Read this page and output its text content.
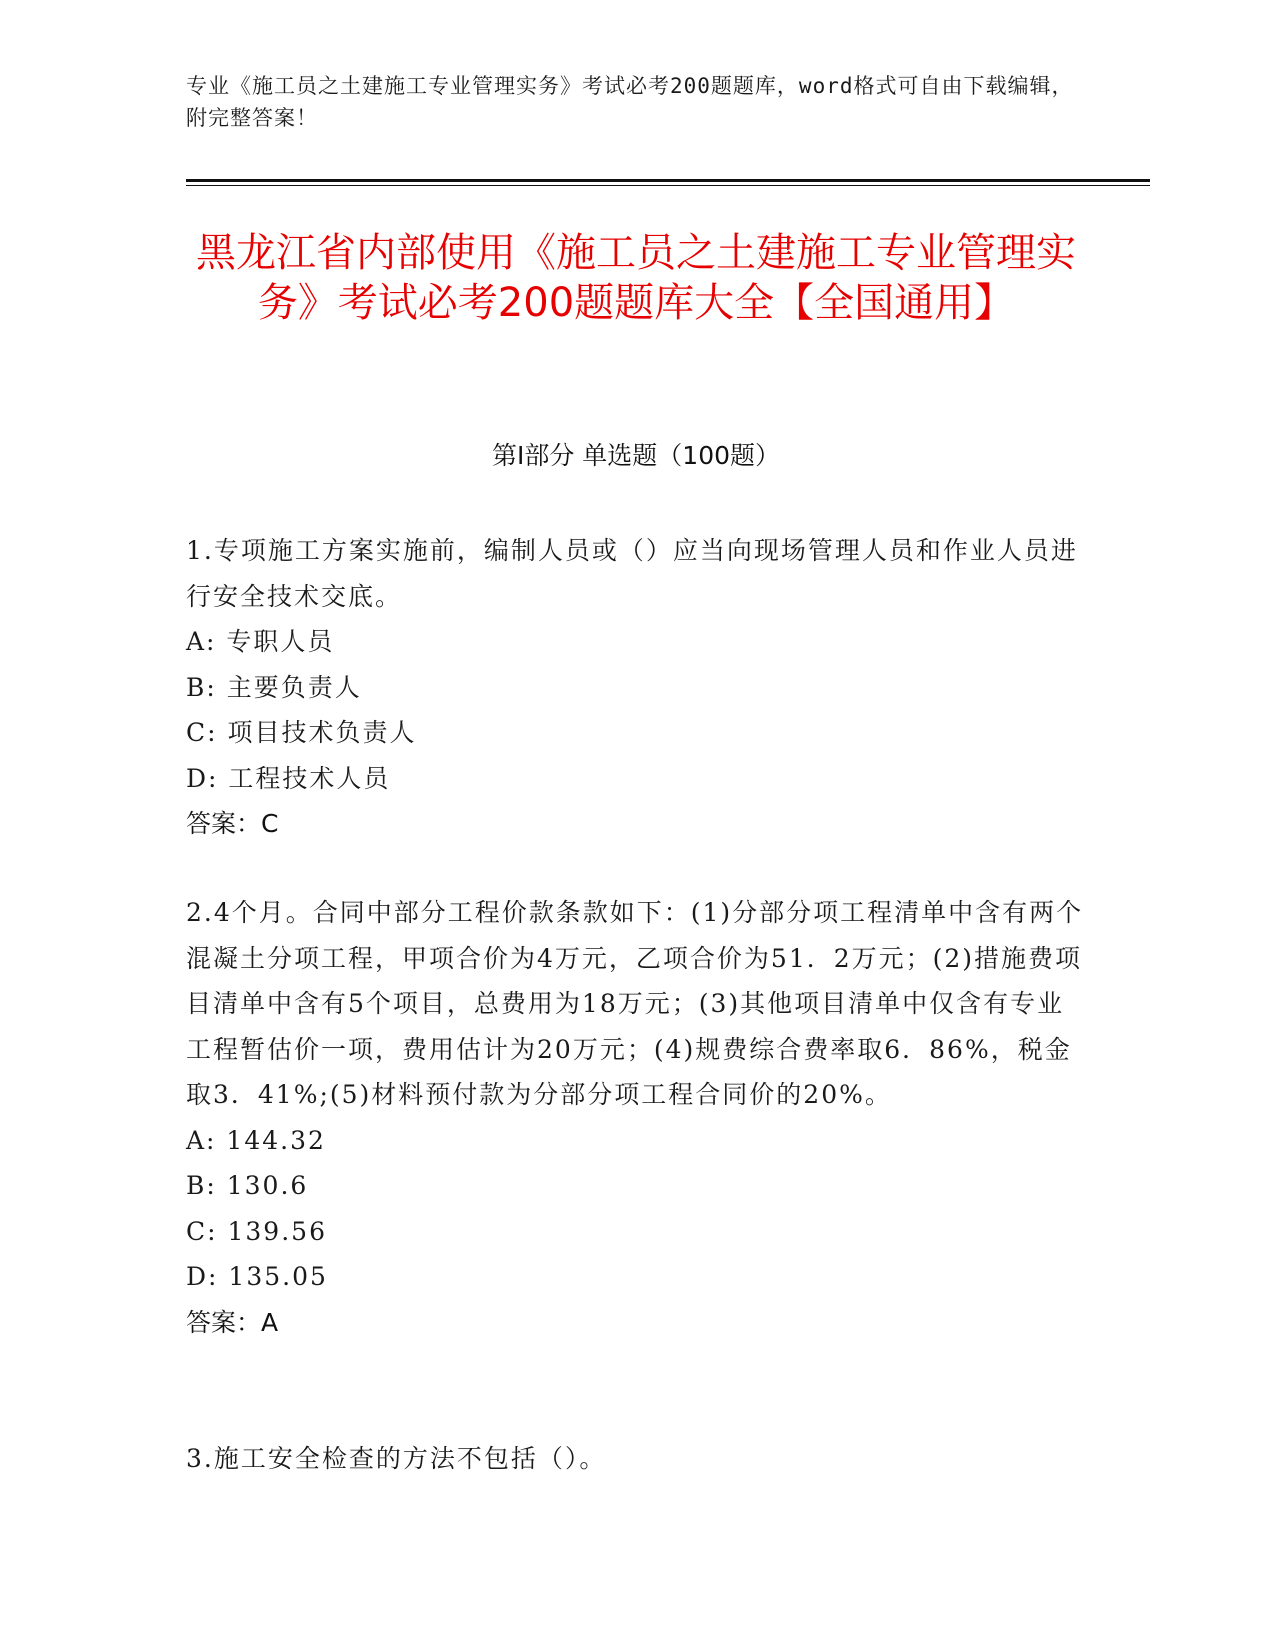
专业《施工员之土建施工专业管理实务》考试必考200题题库，word格式可自由下载编辑，附完整答案！
黑龙江省内部使用《施工员之土建施工专业管理实务》考试必考200题题库大全【全国通用】
第Ⅰ部分 单选题（100题）

1.专项施工方案实施前，编制人员或（）应当向现场管理人员和作业人员进行安全技术交底。

A: 专职人员

B: 主要负责人

C: 项目技术负责人

D: 工程技术人员

答案：C

2.4个月。合同中部分工程价款条款如下：(1)分部分项工程清单中含有两个混凝土分项工程，甲项合价为4万元，乙项合价为51．2万元；(2)措施费项目清单中含有5个项目，总费用为18万元；(3)其他项目清单中仅含有专业工程暂估价一项，费用估计为20万元；(4)规费综合费率取6．86%，税金取3．41%;(5)材料预付款为分部分项工程合同价的20%。

A: 144.32

B: 130.6

C: 139.56

D: 135.05

答案：A

3.施工安全检查的方法不包括（）。
